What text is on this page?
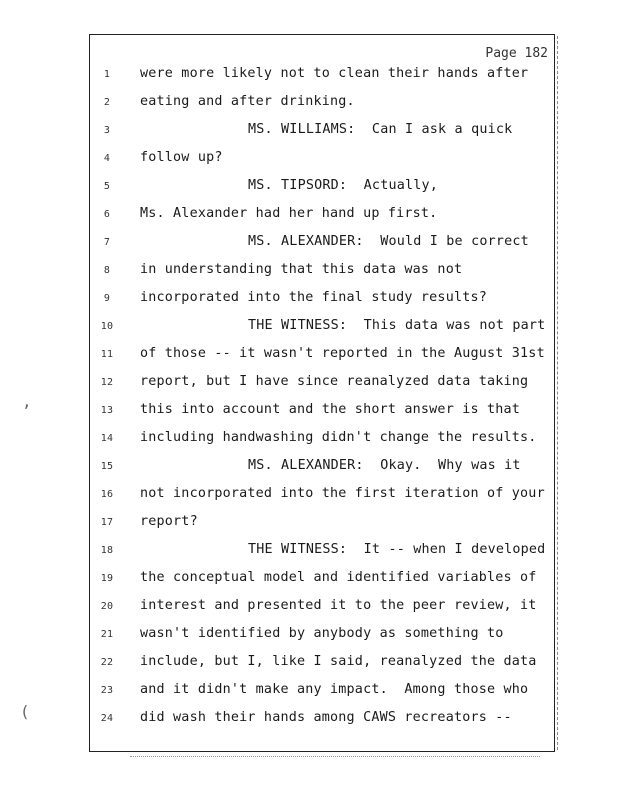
Page 182
1	were more likely not to clean their hands after
2	eating and after drinking.
3	MS. WILLIAMS:  Can I ask a quick
4	follow up?
5	MS. TIPSORD:  Actually,
6	Ms. Alexander had her hand up first.
7	MS. ALEXANDER:  Would I be correct
8	in understanding that this data was not
9	incorporated into the final study results?
10	THE WITNESS:  This data was not part
11	of those -- it wasn't reported in the August 31st
12	report, but I have since reanalyzed data taking
13	this into account and the short answer is that
14	including handwashing didn't change the results.
15	MS. ALEXANDER:  Okay.  Why was it
16	not incorporated into the first iteration of your
17	report?
18	THE WITNESS:  It -- when I developed
19	the conceptual model and identified variables of
20	interest and presented it to the peer review, it
21	wasn't identified by anybody as something to
22	include, but I, like I said, reanalyzed the data
23	and it didn't make any impact.  Among those who
24	did wash their hands among CAWS recreators --
‚
(
